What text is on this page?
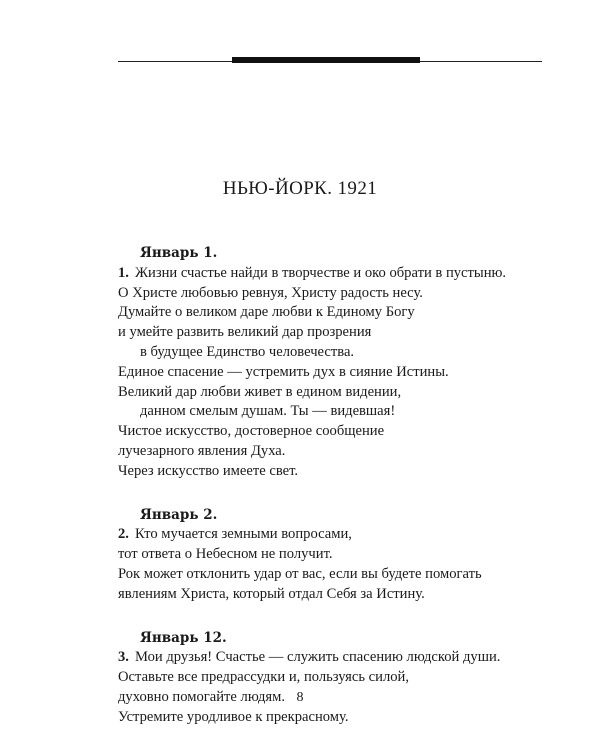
НЬЮ-ЙОРК. 1921
Январь 1.
1. Жизни счастье найди в творчестве и око обрати в пустыню.
О Христе любовью ревнуя, Христу радость несу.
Думайте о великом даре любви к Единому Богу
и умейте развить великий дар прозрения
в будущее Единство человечества.
Единое спасение — устремить дух в сияние Истины.
Великий дар любви живет в едином видении,
данном смелым душам. Ты — видевшая!
Чистое искусство, достоверное сообщение
лучезарного явления Духа.
Через искусство имеете свет.
Январь 2.
2. Кто мучается земными вопросами,
тот ответа о Небесном не получит.
Рок может отклонить удар от вас, если вы будете помогать
явлениям Христа, который отдал Себя за Истину.
Январь 12.
3. Мои друзья! Счастье — служить спасению людской души.
Оставьте все предрассудки и, пользуясь силой,
духовно помогайте людям.
Устремите уродливое к прекрасному.
8
